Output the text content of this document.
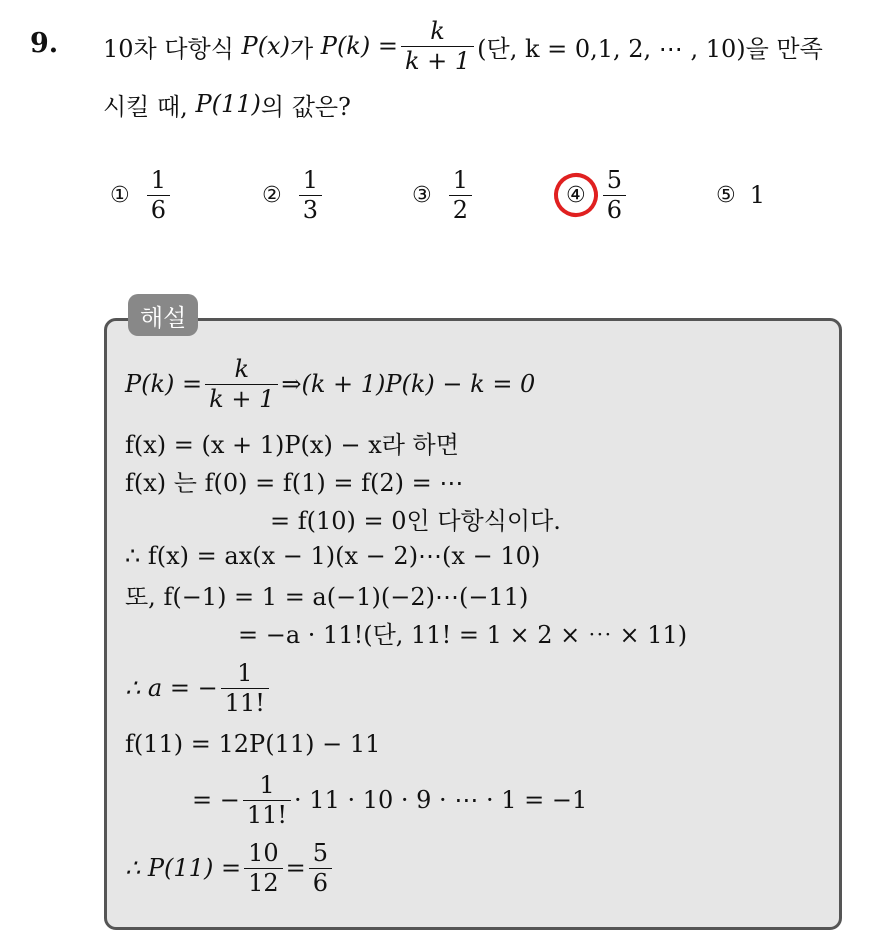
9. 10차 다항식
P(x) 가
$P(k) = \frac{k}{k + 1}$ (단, k = 0,1, 2, ⋯ , 10)을 만족
시킬 때,
P(11) 의 값은?
① $\frac{1}{6}$	② $\frac{1}{3}$	③ $\frac{1}{2}$	④ $\frac{5}{6}$	⑤ 1
해설
$P(k) = \frac{k}{k + 1}$ ⇒(k + 1)P(k) − k = 0
f(x) = (x + 1)P(x) − x라 하면
f(x) 는 f(0) = f(1) = f(2) = ⋯
= f(10) = 0인 다항식이다.
∴ f(x) = ax(x − 1)(x − 2)⋯(x − 10)
또, f(−1) = 1 = a(−1)(−2)⋯(−11)
= −a · 11!(단, 11! = 1 × 2 × ⋯ × 11)
∴ a = − $\frac{1}{11!}$
f(11) = 12P(11) − 11
= − $\frac{1}{11!} \cdot 11 \cdot 10 \cdot 9$ · ⋯ · 1 = −1
∴ $P(11) = \frac{10}{12} = \frac{5}{6}$
